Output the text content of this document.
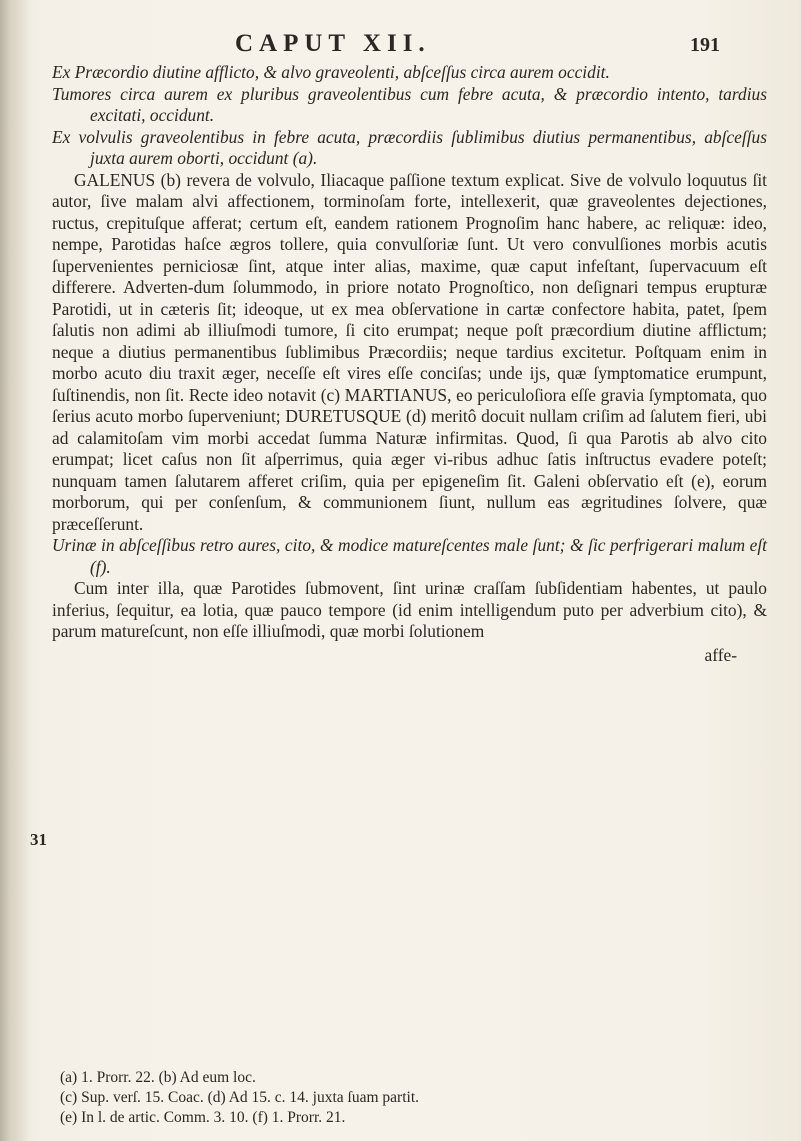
CAPUT XII.	191
31

Ex Præcordio diutine afflicto, & alvo graveolenti, abſceſſus circa aurem occidit.

Tumores circa aurem ex pluribus graveolentibus cum febre acuta, & præcordio intento, tardius excitati, occidunt.

Ex volvulis graveolentibus in febre acuta, præcordiis ſublimibus diutius permanentibus, abſceſſus juxta aurem oborti, occidunt (a).

GALENUS (b) revera de volvulo, Iliacaque paſſione textum explicat. Sive de volvulo loquutus ſit autor, ſive malam alvi affectionem, torminoſam forte, intellexerit, quæ graveolentes dejectiones, ructus, crepituſque afferat; certum eſt, eandem rationem Prognoſim hanc habere, ac reliquæ: ideo, nempe, Parotidas haſce ægros tollere, quia convulſoriæ ſunt. Ut vero convulſiones morbis acutis ſupervenientes perniciosæ ſint, atque inter alias, maxime, quæ caput infeſtant, ſupervacuum eſt differere. Adverten-dum ſolummodo, in priore notato Prognoſtico, non deſignari tempus erupturæ Parotidi, ut in cæteris ſit; ideoque, ut ex mea obſervatione in cartæ confectore habita, patet, ſpem ſalutis non adimi ab illiuſmodi tumore, ſi cito erumpat; neque poſt præcordium diutine afflictum; neque a diutius permanentibus ſublimibus Præcordiis; neque tardius excitetur. Poſtquam enim in morbo acuto diu traxit æger, neceſſe eſt vires eſſe conciſas; unde ijs, quæ ſymptomatice erumpunt, ſuſtinendis, non ſit. Recte ideo notavit (c) MARTIANUS, eo periculoſiora eſſe gravia ſymptomata, quo ſerius acuto morbo ſuperveniunt; DURETUSQUE (d) meritô docuit nullam criſim ad ſalutem fieri, ubi ad calamitoſam vim morbi accedat ſumma Naturæ infirmitas. Quod, ſi qua Parotis ab alvo cito erumpat; licet caſus non ſit aſperrimus, quia æger vi-ribus adhuc ſatis inſtructus evadere poteſt; nunquam tamen ſalutarem afferet criſim, quia per epigeneſim ſit. Galeni obſervatio eſt (e), eorum morborum, qui per conſenſum, & communionem ſiunt, nullum eas ægritudines ſolvere, quæ præceſſerunt.

Urinæ in abſceſſibus retro aures, cito, & modice matureſcentes male ſunt; & ſic perfrigerari malum eſt (f).

Cum inter illa, quæ Parotides ſubmovent, ſint urinæ craſſam ſubſidentiam habentes, ut paulo inferius, ſequitur, ea lotia, quæ pauco tempore (id enim intelligendum puto per adverbium cito), & parum matureſcunt, non eſſe illiuſmodi, quæ morbi ſolutionem

affe-

(a) 1. Prorr. 22. (b) Ad eum loc.

(c) Sup. verſ. 15. Coac. (d) Ad 15. c. 14. juxta ſuam partit.

(e) In l. de artic. Comm. 3. 10. (f) 1. Prorr. 21.
